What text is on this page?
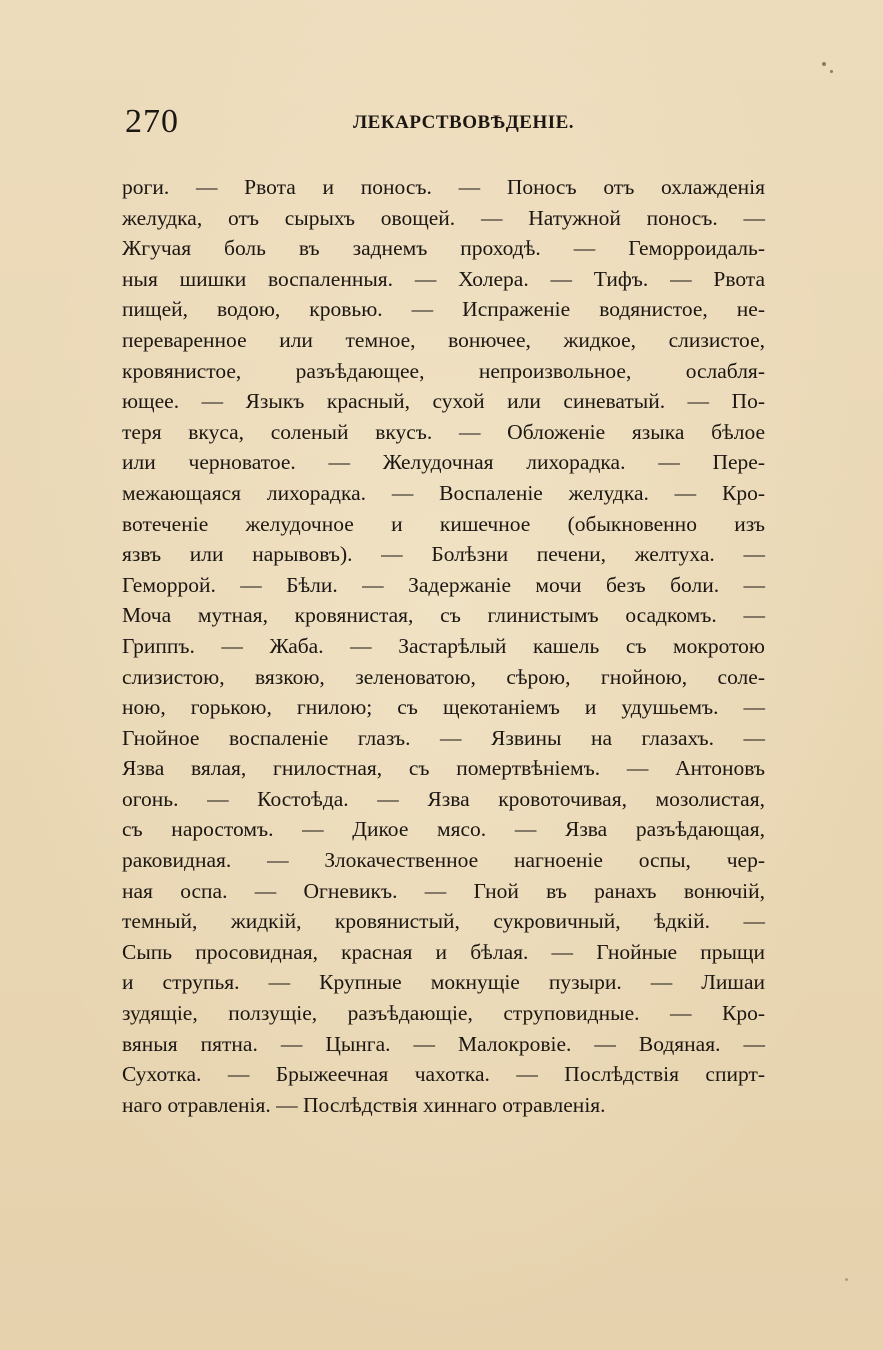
270	ЛЕКАРСТВОВѢДЕНІЕ.
роги. — Рвота и поносъ. — Поносъ отъ охлажденія
желудка, отъ сырыхъ овощей. — Натужной поносъ. —
Жгучая боль въ заднемъ проходѣ. — Геморроидаль-
ныя шишки воспаленныя. — Холера. — Тифъ. — Рвота
пищей, водою, кровью. — Испраженіе водянистое, не-
переваренное или темное, вонючее, жидкое, слизистое,
кровянистое, разъѣдающее, непроизвольное, ослабля-
ющее. — Языкъ красный, сухой или синеватый. — По-
теря вкуса, соленый вкусъ. — Обложеніе языка бѣлое
или черноватое. — Желудочная лихорадка. — Пере-
межающаяся лихорадка. — Воспаленіе желудка. — Кро-
вотеченіе желудочное и кишечное (обыкновенно изъ
язвъ или нарывовъ). — Болѣзни печени, желтуха. —
Геморрой. — Бѣли. — Задержаніе мочи безъ боли. —
Моча мутная, кровянистая, съ глинистымъ осадкомъ. —
Гриппъ. — Жаба. — Застарѣлый кашель съ мокротою
слизистою, вязкою, зеленоватою, сѣрою, гнойною, соле-
ною, горькою, гнилою; съ щекотаніемъ и удушьемъ. —
Гнойное воспаленіе глазъ. — Язвины на глазахъ. —
Язва вялая, гнилостная, съ помертвѣніемъ. — Антоновъ
огонь. — Костоѣда. — Язва кровоточивая, мозолистая,
съ наростомъ. — Дикое мясо. — Язва разъѣдающая,
раковидная. — Злокачественное нагноеніе оспы, чер-
ная оспа. — Огневикъ. — Гной въ ранахъ вонючій,
темный, жидкій, кровянистый, сукровичный, ѣдкій. —
Сыпь просовидная, красная и бѣлая. — Гнойные прыщи
и струпья. — Крупные мокнущіе пузыри. — Лишаи
зудящіе, ползущіе, разъѣдающіе, струповидные. — Кро-
вяныя пятна. — Цынга. — Малокровіе. — Водяная. —
Сухотка. — Брыжеечная чахотка. — Послѣдствія спирт-
наго отравленія. — Послѣдствія хиннаго отравленія.
